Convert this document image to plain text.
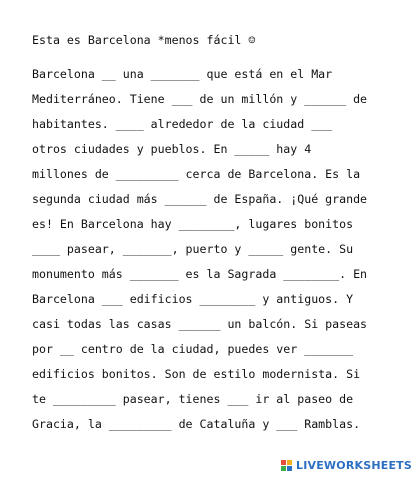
Esta es Barcelona *menos fácil ☺
Barcelona __ una _______ que está en el Mar
Mediterráneo. Tiene ___ de un millón y ______ de
habitantes. ____ alrededor de la ciudad ___
otros ciudades y pueblos. En _____ hay 4
millones de _________ cerca de Barcelona. Es la
segunda ciudad más ______ de España. ¡Qué grande
es! En Barcelona hay ________, lugares bonitos
____ pasear, _______, puerto y _____ gente. Su
monumento más _______ es la Sagrada ________. En
Barcelona ___ edificios ________ y antiguos. Y
casi todas las casas ______ un balcón. Si paseas
por __ centro de la ciudad, puedes ver _______
edificios bonitos. Son de estilo modernista. Si
te _________ pasear, tienes ___ ir al paseo de
Gracia, la _________ de Cataluña y ___ Ramblas.
LIVEWORKSHEETS
